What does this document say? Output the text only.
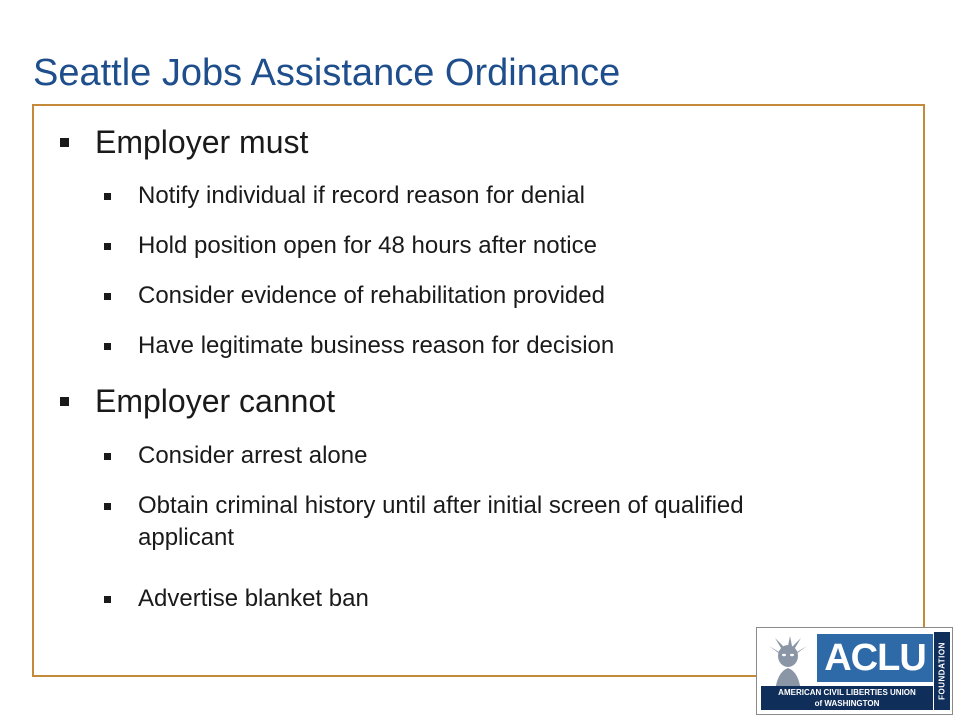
Seattle Jobs Assistance Ordinance
Employer must
Notify individual if record reason for denial
Hold position open for 48 hours after notice
Consider evidence of rehabilitation provided
Have legitimate business reason for decision
Employer cannot
Consider arrest alone
Obtain criminal history until after initial screen of qualified applicant
Advertise blanket ban
ACLU
AMERICAN CIVIL LIBERTIES UNION
of WASHINGTON
FOUNDATION
